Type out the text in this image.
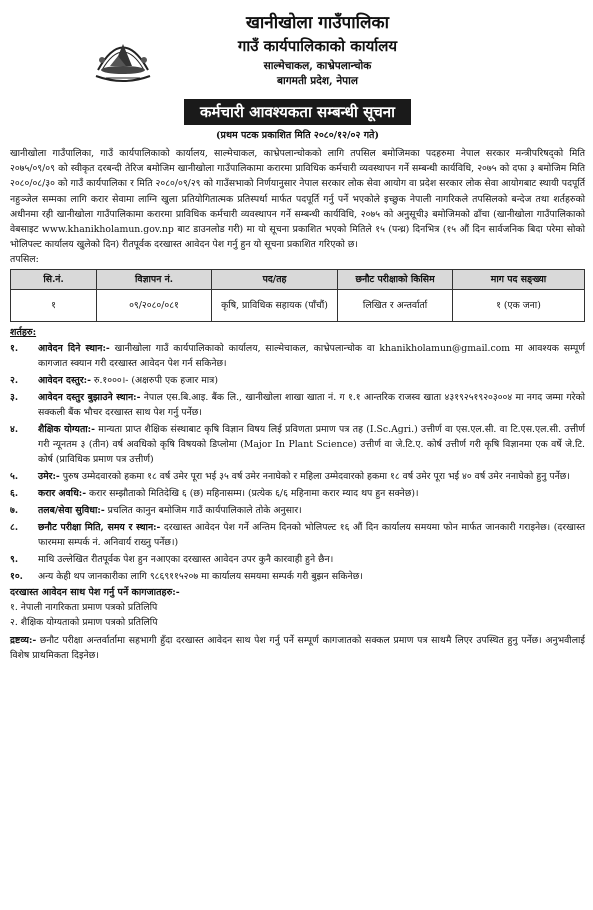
खानीखोला गाउँपालिका
गाउँ कार्यपालिकाको कार्यालय
साल्मेचाकल, काभ्रेपलान्चोक
बागमती प्रदेश, नेपाल
कर्मचारी आवश्यकता सम्बन्धी सूचना
(प्रथम पटक प्रकाशित मिति २०८०/१२/०२ गते)

खानीखोला गाउँपालिका, गाउँ कार्यपालिकाको कार्यालय, साल्मेचाकल, काभ्रेपलान्चोकको लागि तपसिल बमोजिमका पदहरुमा नेपाल सरकार मन्त्रीपरिषद्को मिति २०७५/०९/०९ को स्वीकृत दरबन्दी तेरिज बमोजिम खानीखोला गाउँपालिकामा करारमा प्राविधिक कर्मचारी व्यवस्थापन गर्ने सम्बन्धी कार्यविधि, २०७५ को दफा ३ बमोजिम मिति २०८०/०८/३० को गाउँ कार्यपालिका र मिति २०८०/०९/२९ को गाउँसभाको निर्णयानुसार नेपाल सरकार लोक सेवा आयोग वा प्रदेश सरकार लोक सेवा आयोगबाट स्थायी पदपूर्ति नहुञ्जेल सम्मका लागि करार सेवामा लाग्नि खुला प्रतियोगितात्मक प्रतिस्पर्धा मार्फत पदपूर्ति गर्नु पर्ने भएकोले इच्छुक नेपाली नागरिकले तपसिलको बन्देज तथा शर्तहरुको अधीनमा रही खानीखोला गाउँपालिकामा करारमा प्राविधिक कर्मचारी व्यवस्थापन गर्ने सम्बन्धी कार्यविधि, २०७५ को अनुसूची३ बमोजिमको ढाँचा (खानीखोला गाउँपालिकाको वेबसाइट www.khanikholamun.gov.np बाट डाउनलोड गरी) मा यो सूचना प्रकाशित भएको मितिले १५ (पन्ध्र) दिनभित्र (१५ औं दिन सार्वजनिक बिदा परेमा सोको भोलिपल्ट कार्यालय खुलेको दिन) रीतपूर्वक दरखास्त आवेदन पेश गर्नु हुन यो सूचना प्रकाशित गरिएको छ।

तपसिल:
सि.नं.	विज्ञापन नं.	पद/तह	छनौट परीक्षाको किसिम	माग पद सङ्ख्या
१	०९/२०८०/०८१	कृषि, प्राविधिक सहायक (पाँचौं)	लिखित र अन्तर्वार्ता	१ (एक जना)
शर्तहरु:
१.	आवेदन दिने स्थान:- खानीखोला गाउँ कार्यपालिकाको कार्यालय, साल्मेचाकल, काभ्रेपलान्चोक वा khanikholamun@gmail.com मा आवश्यक सम्पूर्ण कागजात स्क्यान गरी दरखास्त आवेदन पेश गर्न सकिनेछ।
२.	आवेदन दस्तुर:- रु.१०००।- (अक्षरुपी एक हजार मात्र)
३.	आवेदन दस्तुर बुझाउने स्थान:- नेपाल एस.बि.आइ. बैंक लि., खानीखोला शाखा खाता नं. ग १.१ आन्तरिक राजस्व खाता ४३१९२५१९२०३००४ मा नगद जम्मा गरेको सक्कली बैंक भौचर दरखास्त साथ पेश गर्नु पर्नेछ।
४.	शैक्षिक योग्यता:- मान्यता प्राप्त शैक्षिक संस्थाबाट कृषि विज्ञान विषय लिई प्रविणता प्रमाण पत्र तह (I.Sc.Agri.) उत्तीर्ण वा एस.एल.सी. वा टि.एस.एल.सी. उत्तीर्ण गरी न्यूनतम ३ (तीन) वर्ष अवधिको कृषि विषयको डिप्लोमा (Major In Plant Science) उत्तीर्ण वा जे.टि.ए. कोर्ष उत्तीर्ण गरी कृषि विज्ञानमा एक वर्षे जे.टि. कोर्ष (प्राविधिक प्रमाण पत्र उत्तीर्ण)
५.	उमेर:- पुरुष उम्मेदवारको हकमा १८ वर्ष उमेर पूरा भई ३५ वर्ष उमेर ननाघेको र महिला उम्मेदवारको हकमा १८ वर्ष उमेर पूरा भई ४० वर्ष उमेर ननाघेको हुनु पर्नेछ।
६.	करार अवधि:- करार सम्झौताको मितिदेखि ६ (छ) महिनासम्म। (प्रत्येक ६/६ महिनामा करार म्याद थप हुन सक्नेछ)।
७.	तलब/सेवा सुविधा:- प्रचलित कानुन बमोजिम गाउँ कार्यपालिकाले तोके अनुसार।
८.	छनौट परीक्षा मिति, समय र स्थान:- दरखास्त आवेदन पेश गर्ने अन्तिम दिनको भोलिपल्ट १६ औं दिन कार्यालय समयमा फोन मार्फत जानकारी गराइनेछ। (दरखास्त फारममा सम्पर्क नं. अनिवार्य राख्नु पर्नेछ।)
९.	माथि उल्लेखित रीतपूर्वक पेश हुन नआएका दरखास्त आवेदन उपर कुनै कारवाही हुने छैन।
१०.	अन्य केही थप जानकारीका लागि ९८६९११५२०७ मा कार्यालय समयमा सम्पर्क गरी बुझन सकिनेछ।
दरखास्त आवेदन साथ पेश गर्नु पर्ने कागजातहरु:-
१. नेपाली नागरिकता प्रमाण पत्रको प्रतिलिपि
२. शैक्षिक योग्यताको प्रमाण पत्रको प्रतिलिपि

द्रष्टव्य:- छनौट परीक्षा अन्तर्वार्तामा सहभागी हुँदा दरखास्त आवेदन साथ पेश गर्नु पर्ने सम्पूर्ण कागजातको सक्कल प्रमाण पत्र साथमै लिएर उपस्थित हुनु पर्नेछ। अनुभवीलाई विशेष प्राथमिकता दिइनेछ।
